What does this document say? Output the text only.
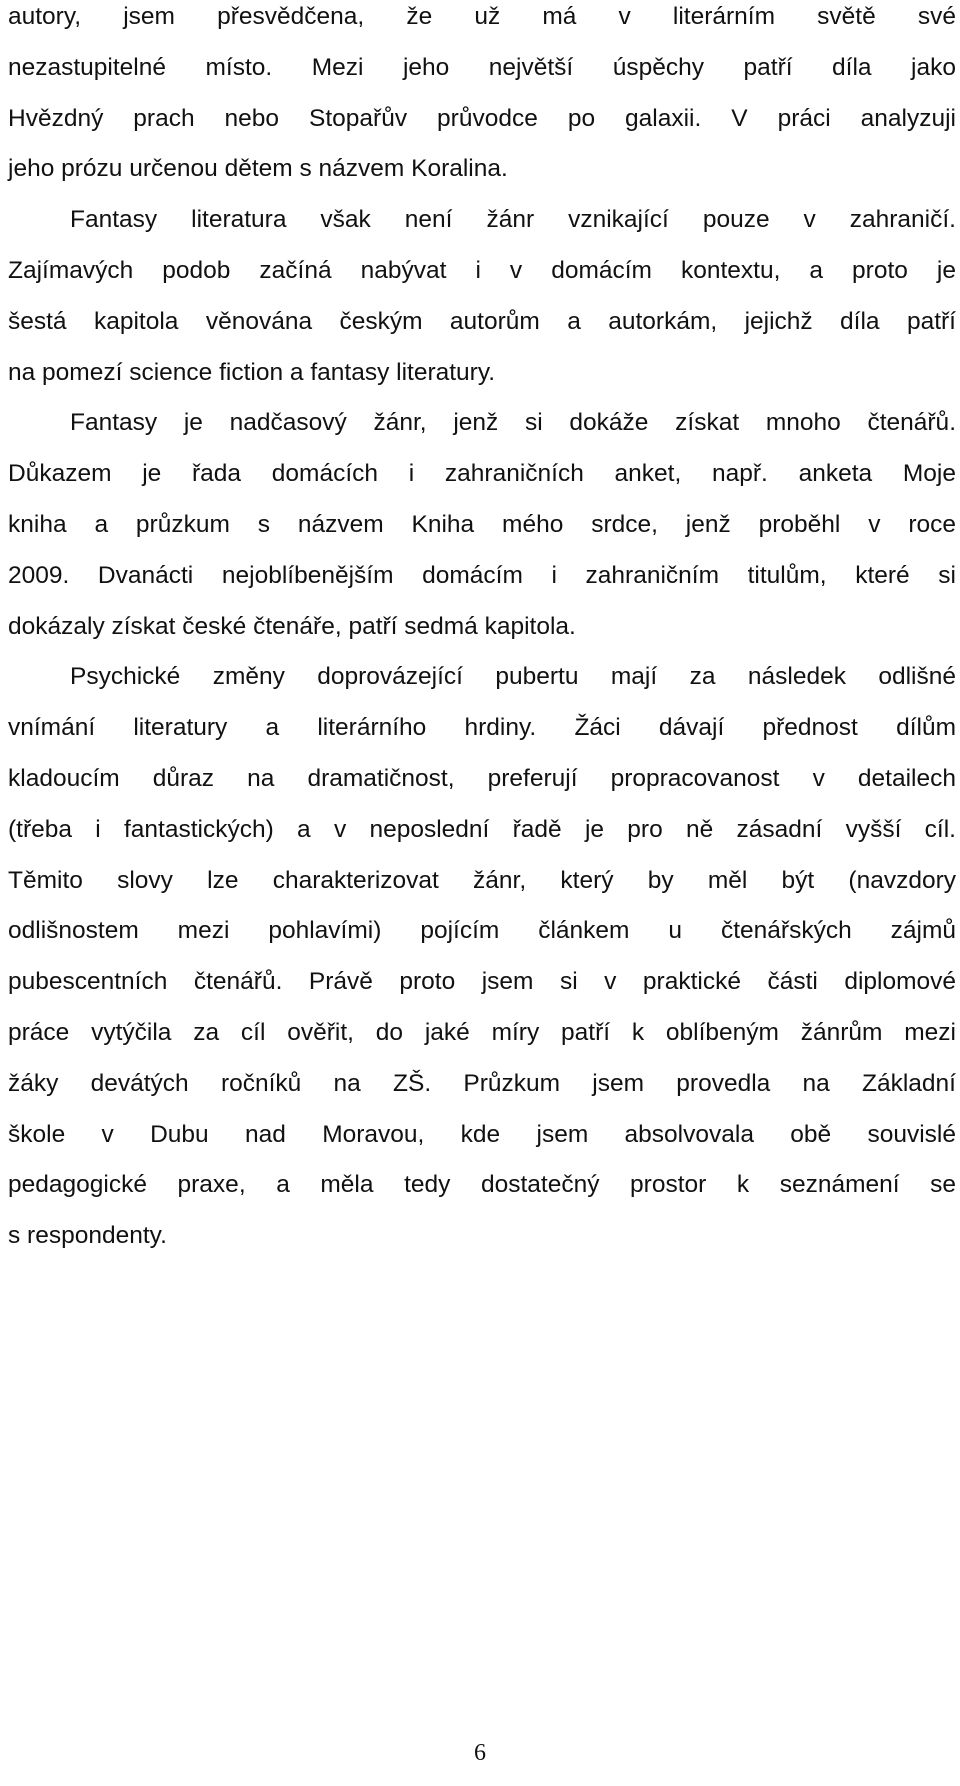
autory, jsem přesvědčena, že už má v literárním světě své
nezastupitelné místo. Mezi jeho největší úspěchy patří díla jako
Hvězdný prach nebo Stopařův průvodce po galaxii. V práci analyzuji
jeho prózu určenou dětem s názvem Koralina.
Fantasy literatura však není žánr vznikající pouze v zahraničí.
Zajímavých podob začíná nabývat i v domácím kontextu, a proto je
šestá kapitola věnována českým autorům a autorkám, jejichž díla patří
na pomezí science fiction a fantasy literatury.
Fantasy je nadčasový žánr, jenž si dokáže získat mnoho čtenářů.
Důkazem je řada domácích i zahraničních anket, např. anketa Moje
kniha a průzkum s názvem Kniha mého srdce, jenž proběhl v roce
2009. Dvanácti nejoblíbenějším domácím i zahraničním titulům, které si
dokázaly získat české čtenáře, patří sedmá kapitola.
Psychické změny doprovázející pubertu mají za následek odlišné
vnímání literatury a literárního hrdiny. Žáci dávají přednost dílům
kladoucím důraz na dramatičnost, preferují propracovanost v detailech
(třeba i fantastických) a v neposlední řadě je pro ně zásadní vyšší cíl.
Těmito slovy lze charakterizovat žánr, který by měl být (navzdory
odlišnostem mezi pohlavími) pojícím článkem u čtenářských zájmů
pubescentních čtenářů. Právě proto jsem si v praktické části diplomové
práce vytýčila za cíl ověřit, do jaké míry patří k oblíbeným žánrům mezi
žáky devátých ročníků na ZŠ. Průzkum jsem provedla na Základní
škole v Dubu nad Moravou, kde jsem absolvovala obě souvislé
pedagogické praxe, a měla tedy dostatečný prostor k seznámení se
s respondenty.
6
